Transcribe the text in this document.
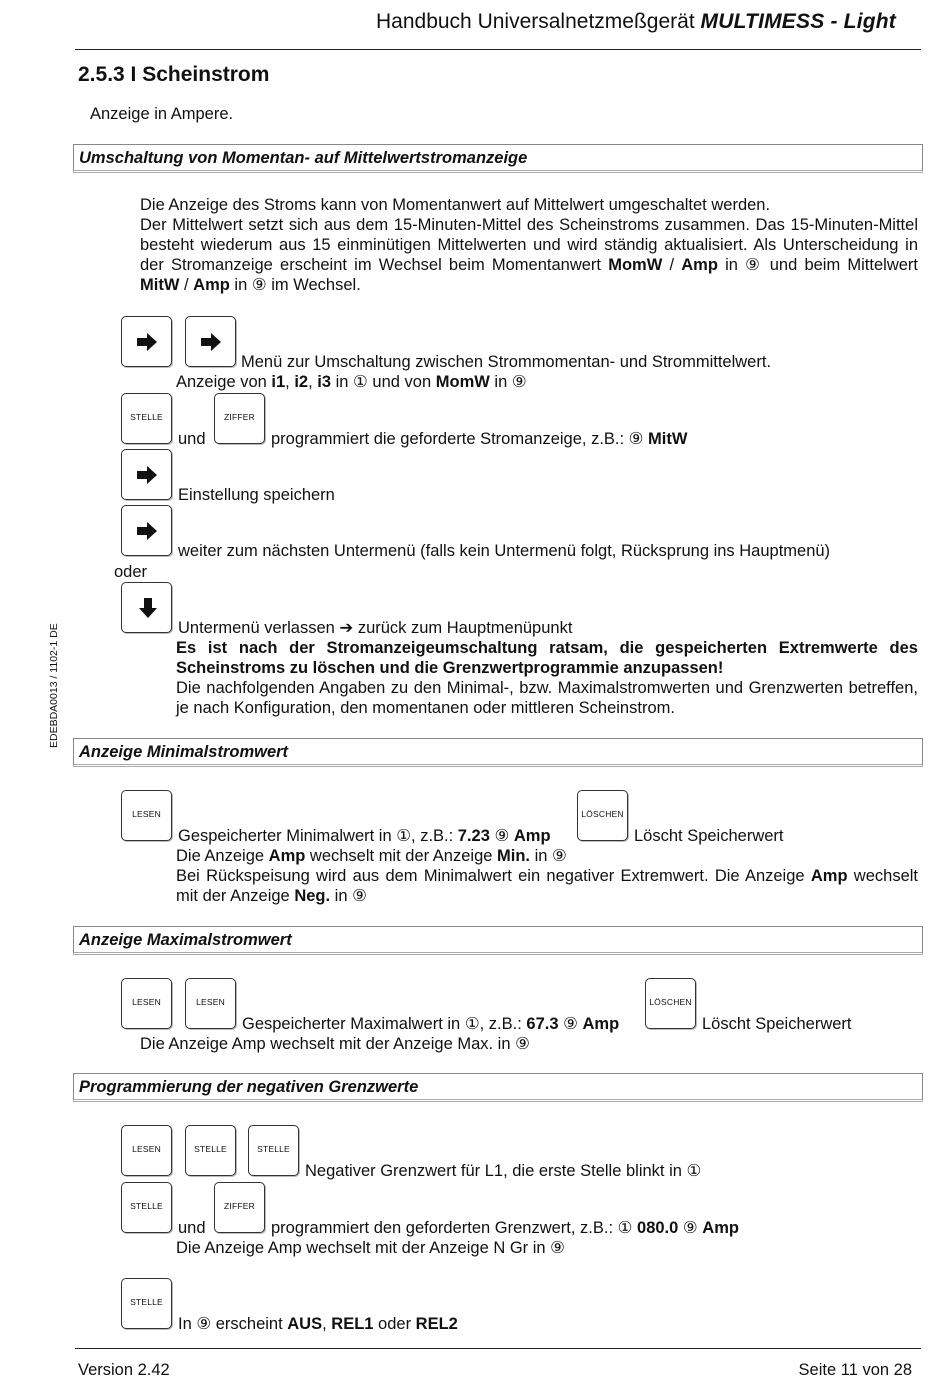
Handbuch Universalnetzmeßgerät MULTIMESS - Light
2.5.3 I Scheinstrom
Anzeige in Ampere.
EDEBDA0013 / 1102-1 DE
Umschaltung von Momentan- auf Mittelwertstromanzeige
Die Anzeige des Stroms kann von Momentanwert auf Mittelwert umgeschaltet werden.
Der Mittelwert setzt sich aus dem 15-Minuten-Mittel des Scheinstroms zusammen. Das 15-Minuten-Mittel besteht wiederum aus 15 einminütigen Mittelwerten und wird ständig aktualisiert. Als Unterscheidung in der Stromanzeige erscheint im Wechsel beim Momentanwert MomW / Amp in ⑨ und beim Mittelwert MitW / Amp in ⑨ im Wechsel.
Menü zur Umschaltung zwischen Strommomentan- und Strommittelwert.
Anzeige von i1, i2, i3 in ① und von MomW in ⑨
STELLE
und
ZIFFER
programmiert die geforderte Stromanzeige, z.B.: ⑨ MitW
Einstellung speichern
weiter zum nächsten Untermenü (falls kein Untermenü folgt, Rücksprung ins Hauptmenü)
oder
Untermenü verlassen ➔ zurück zum Hauptmenüpunkt
Es ist nach der Stromanzeigeumschaltung ratsam, die gespeicherten Extremwerte des Scheinstroms zu löschen und die Grenzwertprogrammie anzupassen!
Die nachfolgenden Angaben zu den Minimal-, bzw. Maximalstromwerten und Grenzwerten betreffen, je nach Konfiguration, den momentanen oder mittleren Scheinstrom.
Anzeige Minimalstromwert
LESEN
Gespeicherter Minimalwert in ①, z.B.: 7.23 ⑨ Amp
LÖSCHEN
Löscht Speicherwert
Die Anzeige Amp wechselt mit der Anzeige Min. in ⑨
Bei Rückspeisung wird aus dem Minimalwert ein negativer Extremwert. Die Anzeige Amp wechselt mit der Anzeige Neg. in ⑨
Anzeige Maximalstromwert
LESEN	LESEN
Gespeicherter Maximalwert in ①, z.B.: 67.3 ⑨ Amp
LÖSCHEN
Löscht Speicherwert
Die Anzeige Amp wechselt mit der Anzeige Max. in ⑨
Programmierung der negativen Grenzwerte
LESEN	STELLE	STELLE
Negativer Grenzwert für L1, die erste Stelle blinkt in ①
STELLE
und
ZIFFER
programmiert den geforderten Grenzwert, z.B.: ① 080.0 ⑨ Amp
Die Anzeige Amp wechselt mit der Anzeige N Gr in ⑨
STELLE
In ⑨ erscheint AUS, REL1 oder REL2
Version 2.42	Seite 11 von 28
